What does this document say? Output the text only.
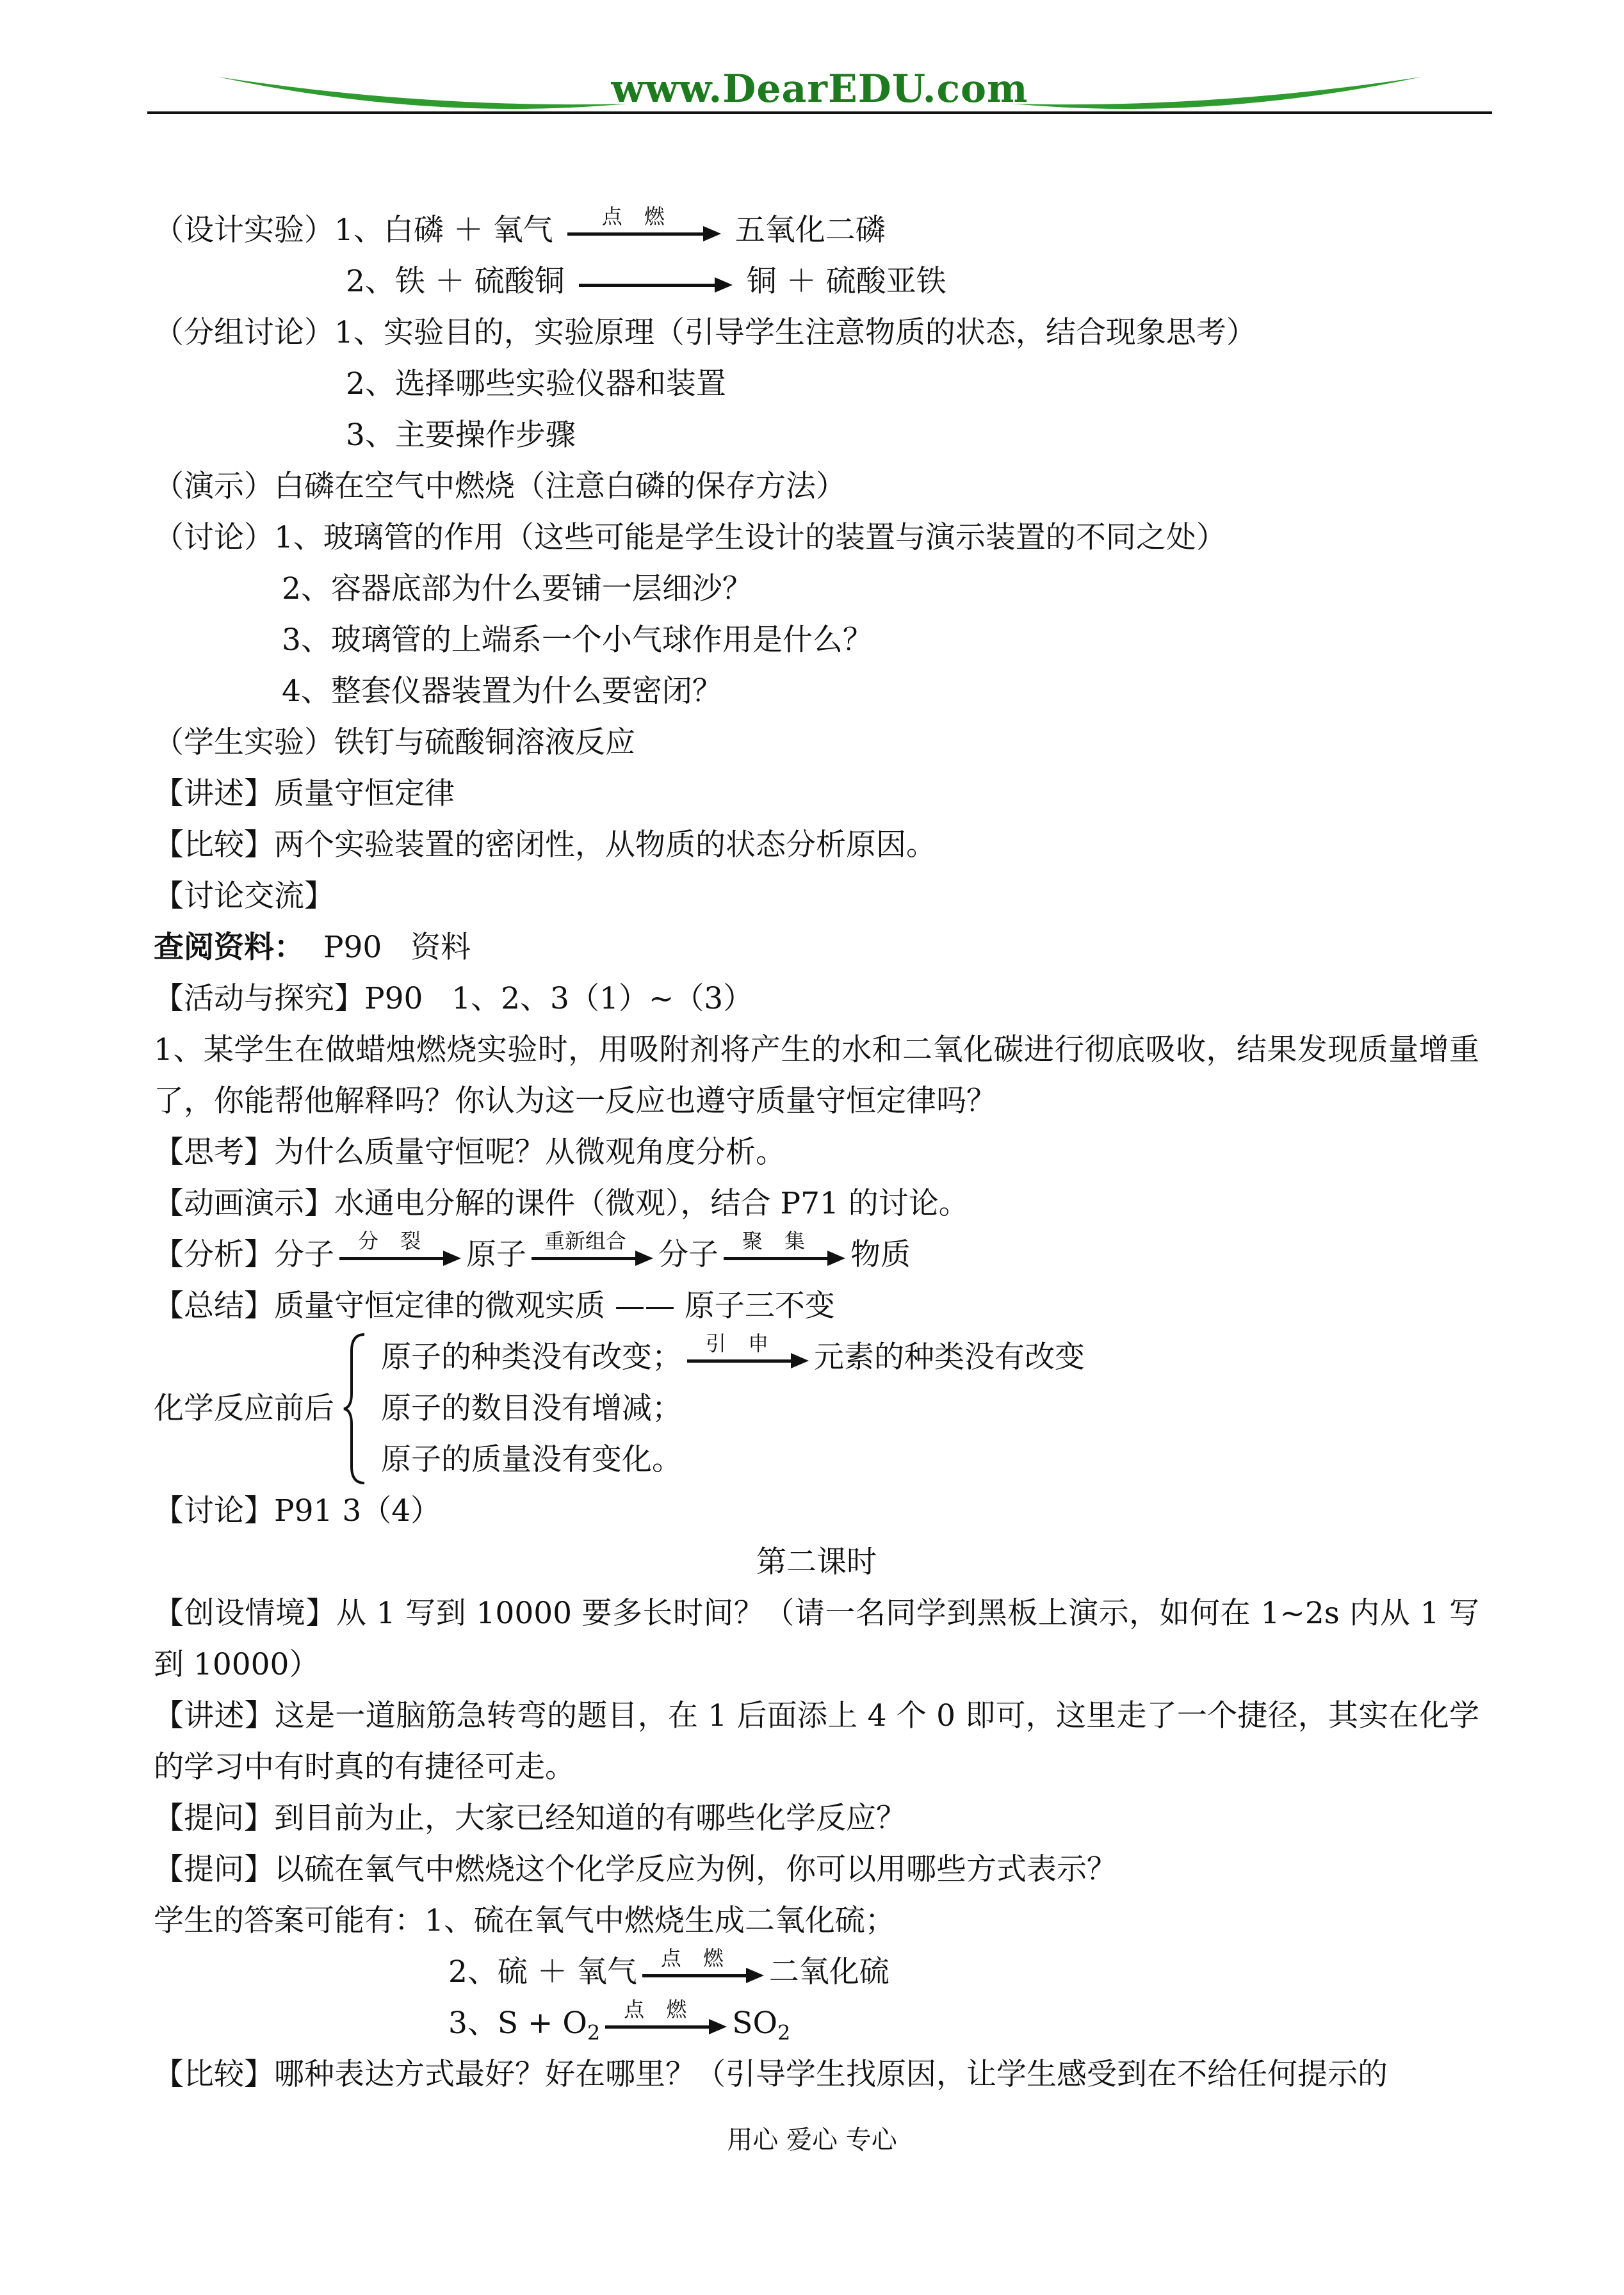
www.DearEDU.com
（设计实验）1、白磷 ＋ 氧气	点 燃	五氧化二磷
2、铁 ＋ 硫酸铜	铜 ＋ 硫酸亚铁
（分组讨论）1、实验目的，实验原理（引导学生注意物质的状态，结合现象思考）
2、选择哪些实验仪器和装置
3、主要操作步骤
（演示）白磷在空气中燃烧（注意白磷的保存方法）
（讨论）1、玻璃管的作用（这些可能是学生设计的装置与演示装置的不同之处）
2、容器底部为什么要铺一层细沙？
3、玻璃管的上端系一个小气球作用是什么？
4、整套仪器装置为什么要密闭？
（学生实验）铁钉与硫酸铜溶液反应
【讲述】质量守恒定律
【比较】两个实验装置的密闭性，从物质的状态分析原因。
【讨论交流】
查阅资料：  P90   资料
【活动与探究】P90   1、2、3（1）~（3）
1、某学生在做蜡烛燃烧实验时，用吸附剂将产生的水和二氧化碳进行彻底吸收，结果发现质量增重了，你能帮他解释吗？你认为这一反应也遵守质量守恒定律吗？
【思考】为什么质量守恒呢？从微观角度分析。
【动画演示】水通电分解的课件（微观），结合 P71 的讨论。
【分析】分子	分 裂	原子 重新组合	分子	聚 集	物质
【总结】质量守恒定律的微观实质 —— 原子三不变
化学反应前后
原子的种类没有改变；	引 申	元素的种类没有改变
原子的数目没有增减；
原子的质量没有变化。
【讨论】P91 3（4）
第二课时
【创设情境】从 1 写到 10000 要多长时间？（请一名同学到黑板上演示，如何在 1~2s 内从 1 写到 10000）
【讲述】这是一道脑筋急转弯的题目，在 1 后面添上 4 个 0 即可，这里走了一个捷径，其实在化学的学习中有时真的有捷径可走。
【提问】到目前为止，大家已经知道的有哪些化学反应？
【提问】以硫在氧气中燃烧这个化学反应为例，你可以用哪些方式表示？
学生的答案可能有：1、硫在氧气中燃烧生成二氧化硫；
2、硫 ＋ 氧气	点 燃	二氧化硫
3、$S + O_2$
点 燃	$SO_2$
【比较】哪种表达方式最好？好在哪里？（引导学生找原因，让学生感受到在不给任何提示的
用心 爱心 专心
